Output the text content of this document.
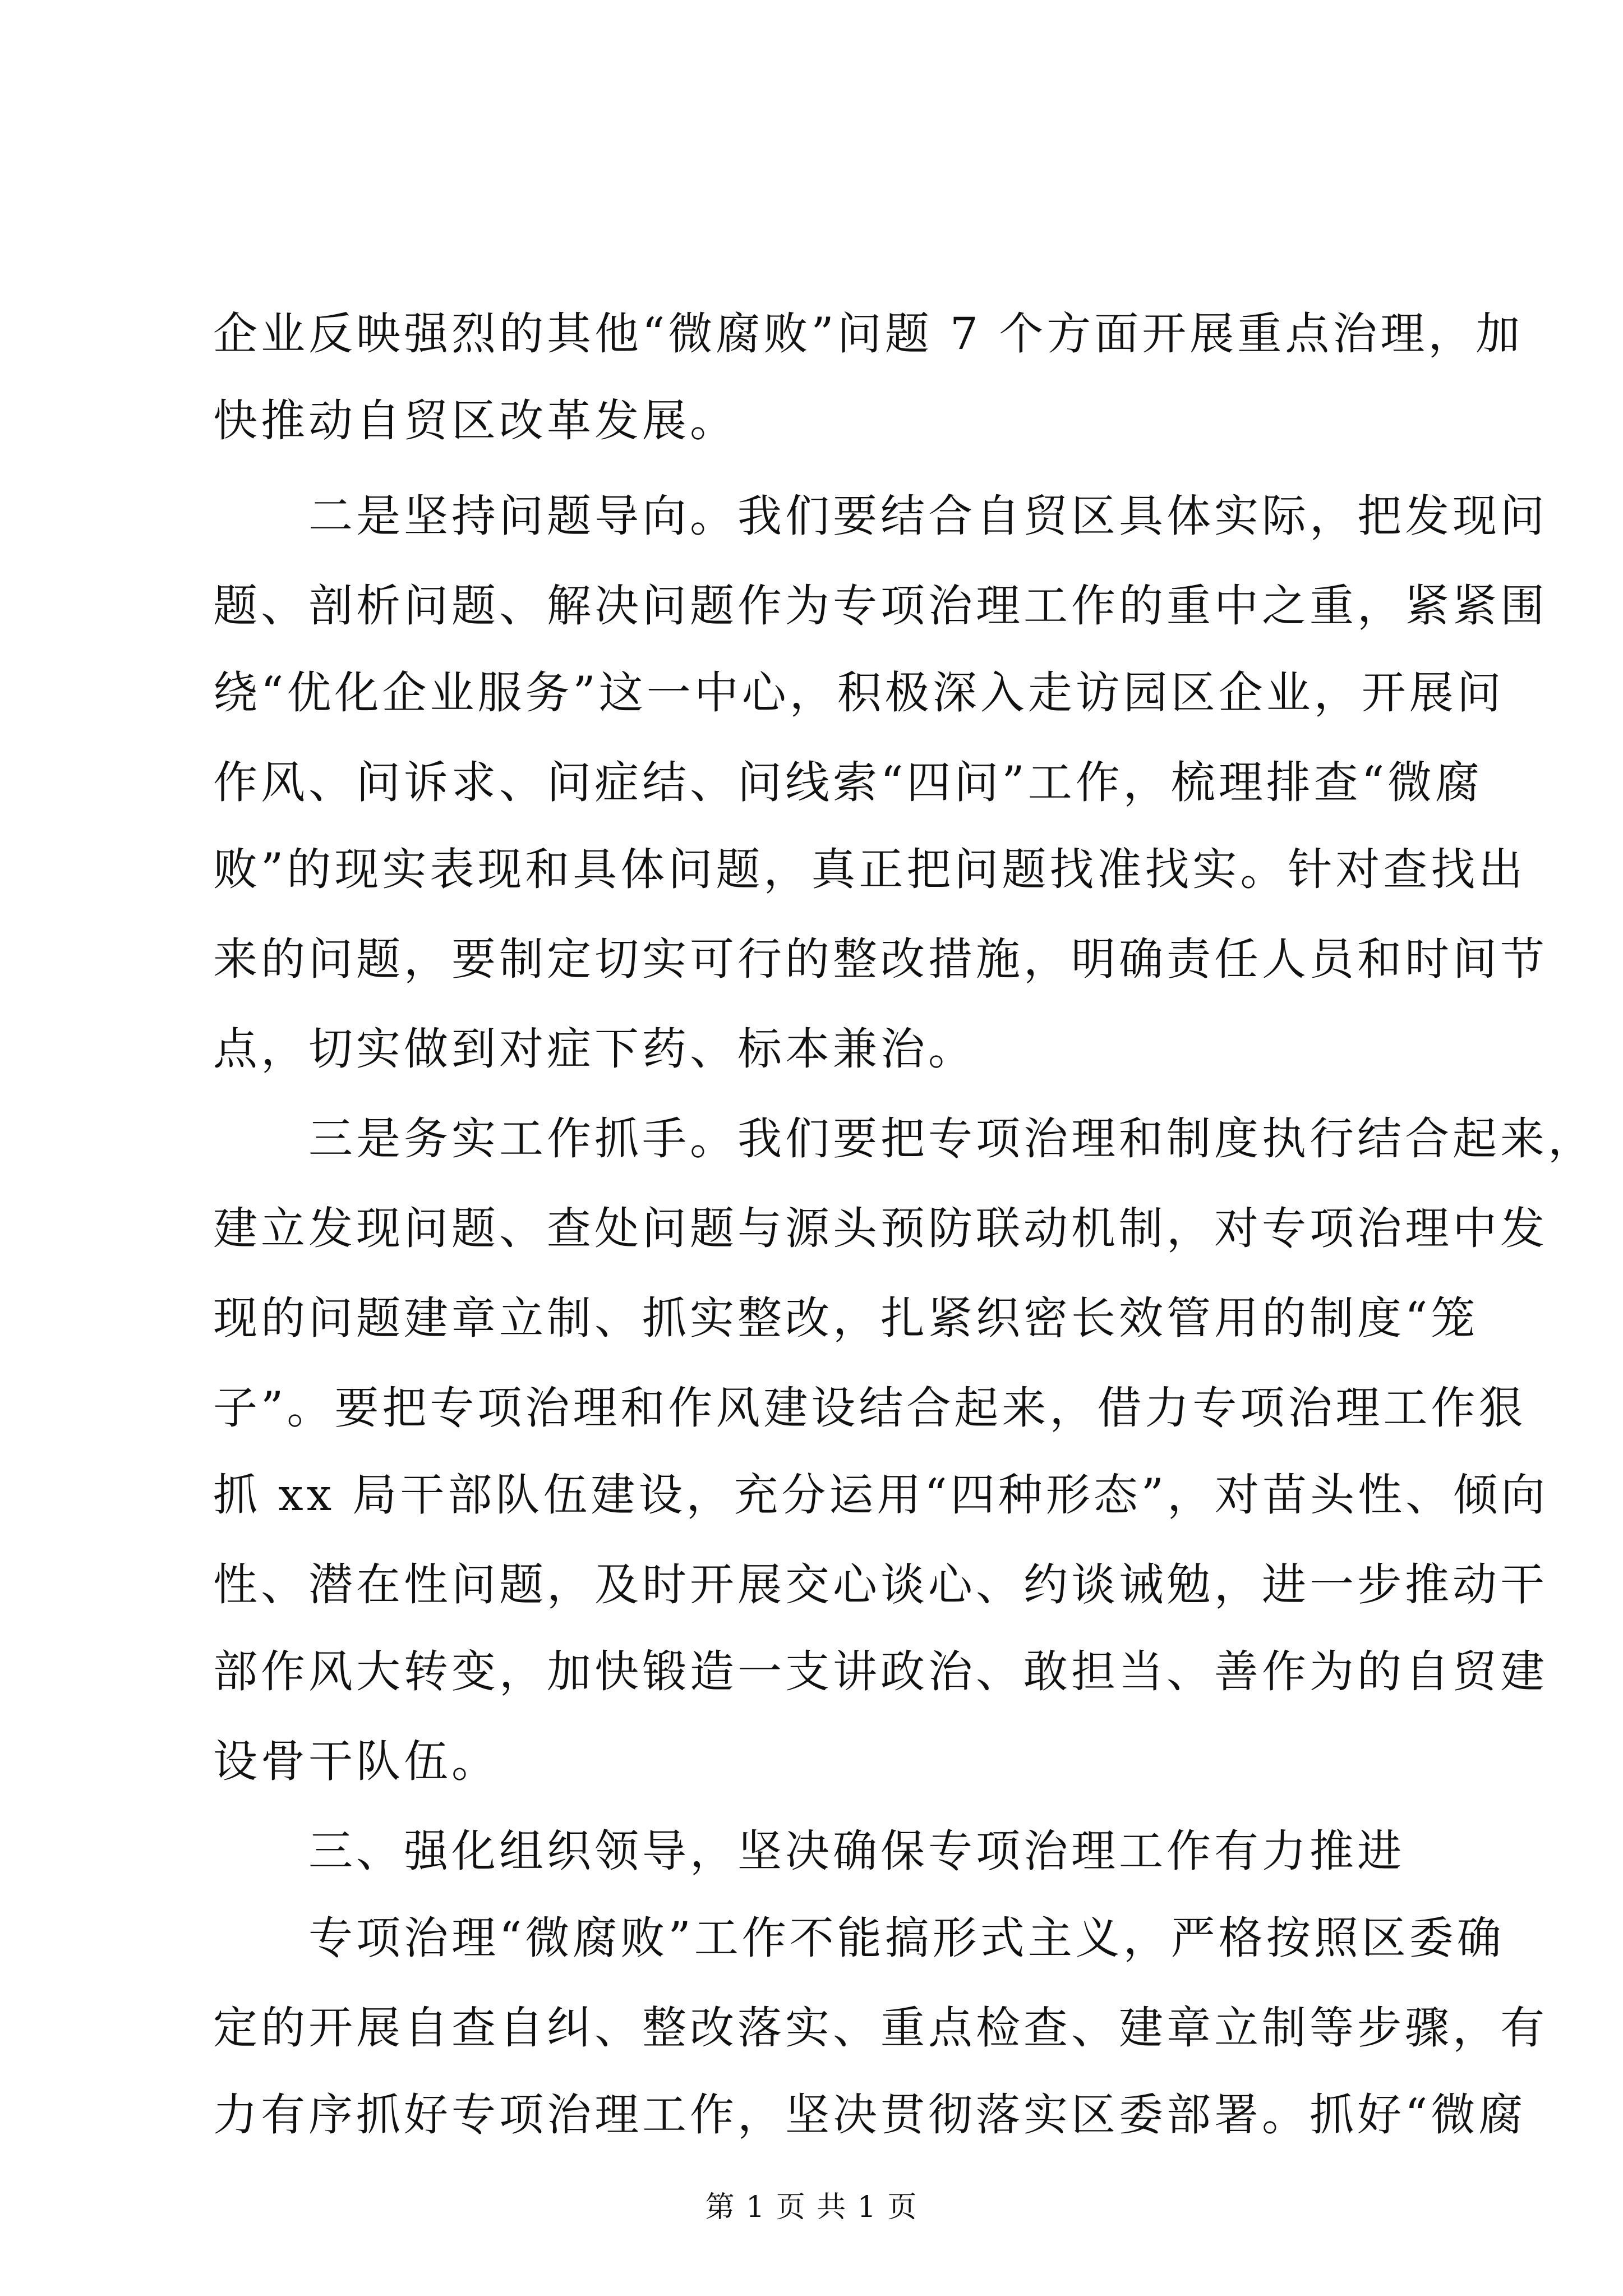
企业反映强烈的其他“微腐败”问题 7 个方面开展重点治理，加
快推动自贸区改革发展。
　　二是坚持问题导向。我们要结合自贸区具体实际，把发现问
题、剖析问题、解决问题作为专项治理工作的重中之重，紧紧围
绕“优化企业服务”这一中心，积极深入走访园区企业，开展问
作风、问诉求、问症结、问线索“四问”工作，梳理排查“微腐
败”的现实表现和具体问题，真正把问题找准找实。针对查找出
来的问题，要制定切实可行的整改措施，明确责任人员和时间节
点，切实做到对症下药、标本兼治。
　　三是务实工作抓手。我们要把专项治理和制度执行结合起来，
建立发现问题、查处问题与源头预防联动机制，对专项治理中发
现的问题建章立制、抓实整改，扎紧织密长效管用的制度“笼
子”。要把专项治理和作风建设结合起来，借力专项治理工作狠
抓 xx 局干部队伍建设，充分运用“四种形态”，对苗头性、倾向
性、潜在性问题，及时开展交心谈心、约谈诫勉，进一步推动干
部作风大转变，加快锻造一支讲政治、敢担当、善作为的自贸建
设骨干队伍。
　　三、强化组织领导，坚决确保专项治理工作有力推进
　　专项治理“微腐败”工作不能搞形式主义，严格按照区委确
定的开展自查自纠、整改落实、重点检查、建章立制等步骤，有
力有序抓好专项治理工作，坚决贯彻落实区委部署。抓好“微腐
第 1 页 共 1 页
